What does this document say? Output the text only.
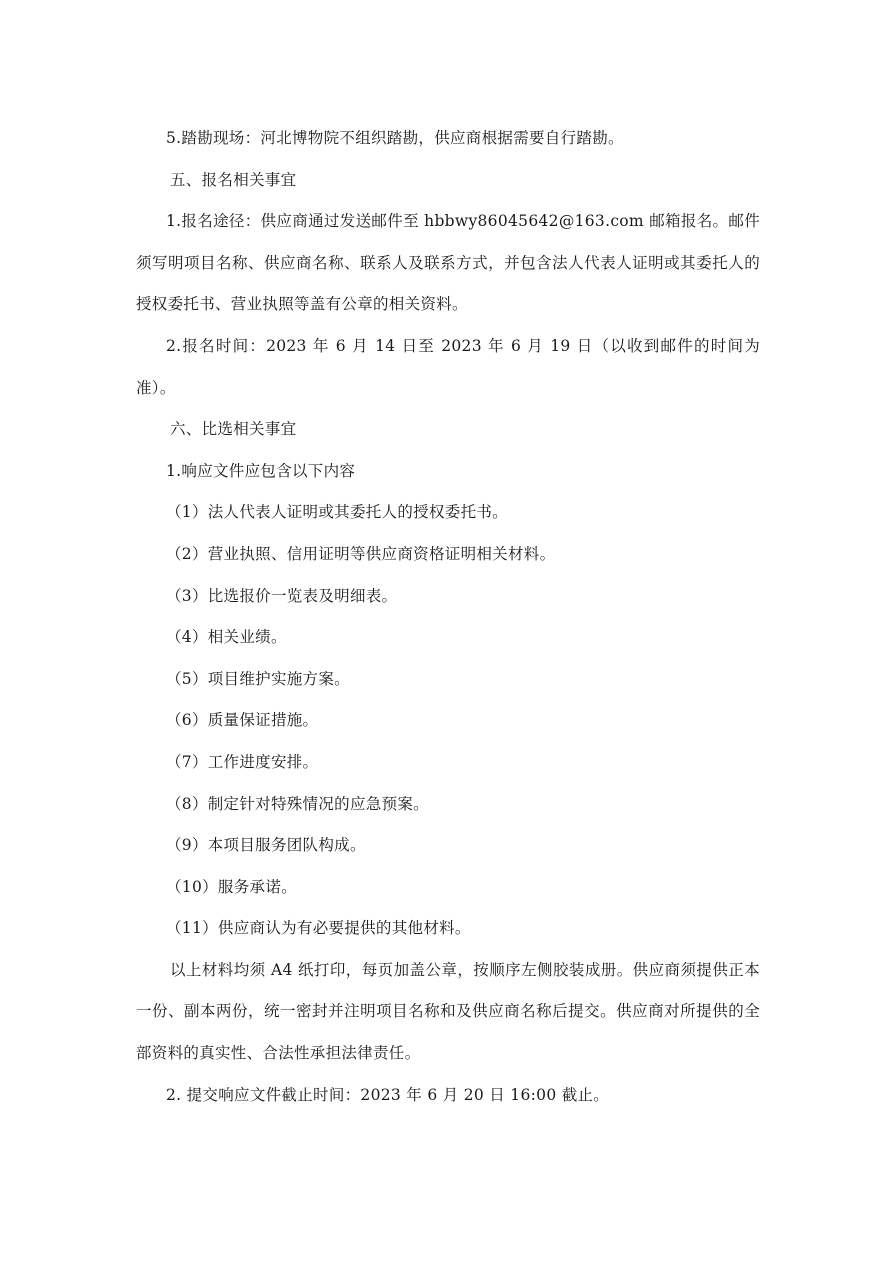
5.踏勘现场：河北博物院不组织踏勘，供应商根据需要自行踏勘。

五、报名相关事宜

1.报名途径：供应商通过发送邮件至 hbbwy86045642@163.com 邮箱报名。邮件须写明项目名称、供应商名称、联系人及联系方式，并包含法人代表人证明或其委托人的授权委托书、营业执照等盖有公章的相关资料。

2.报名时间：2023 年 6 月 14 日至 2023 年 6 月 19 日（以收到邮件的时间为准）。

六、比选相关事宜

1.响应文件应包含以下内容

（1）法人代表人证明或其委托人的授权委托书。

（2）营业执照、信用证明等供应商资格证明相关材料。

（3）比选报价一览表及明细表。

（4）相关业绩。

（5）项目维护实施方案。

（6）质量保证措施。

（7）工作进度安排。

（8）制定针对特殊情况的应急预案。

（9）本项目服务团队构成。

（10）服务承诺。

（11）供应商认为有必要提供的其他材料。

以上材料均须 A4 纸打印，每页加盖公章，按顺序左侧胶装成册。供应商须提供正本一份、副本两份，统一密封并注明项目名称和及供应商名称后提交。供应商对所提供的全部资料的真实性、合法性承担法律责任。

2. 提交响应文件截止时间：2023 年 6 月 20 日 16:00 截止。
